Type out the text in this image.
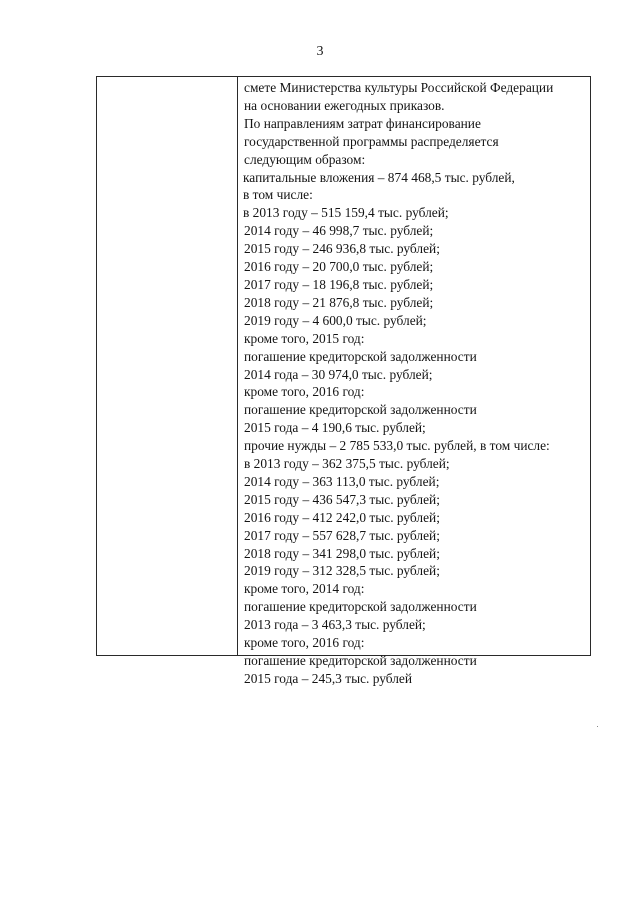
3
смете Министерства культуры Российской Федерации
на основании ежегодных приказов.
По направлениям затрат финансирование
государственной программы распределяется
следующим образом:
капитальные вложения – 874 468,5 тыс. рублей,
в том числе:
в 2013 году – 515 159,4 тыс. рублей;
2014 году – 46 998,7 тыс. рублей;
2015 году – 246 936,8 тыс. рублей;
2016 году – 20 700,0 тыс. рублей;
2017 году – 18 196,8 тыс. рублей;
2018 году – 21 876,8 тыс. рублей;
2019 году – 4 600,0 тыс. рублей;
кроме того, 2015 год:
погашение кредиторской задолженности
2014 года – 30 974,0 тыс. рублей;
кроме того, 2016 год:
погашение кредиторской задолженности
2015 года – 4 190,6 тыс. рублей;
прочие нужды – 2 785 533,0 тыс. рублей, в том числе:
в 2013 году – 362 375,5 тыс. рублей;
2014 году – 363 113,0 тыс. рублей;
2015 году – 436 547,3 тыс. рублей;
2016 году – 412 242,0 тыс. рублей;
2017 году – 557 628,7 тыс. рублей;
2018 году – 341 298,0 тыс. рублей;
2019 году – 312 328,5 тыс. рублей;
кроме того, 2014 год:
погашение кредиторской задолженности
2013 года – 3 463,3 тыс. рублей;
кроме того, 2016 год:
погашение кредиторской задолженности
2015 года – 245,3 тыс. рублей
